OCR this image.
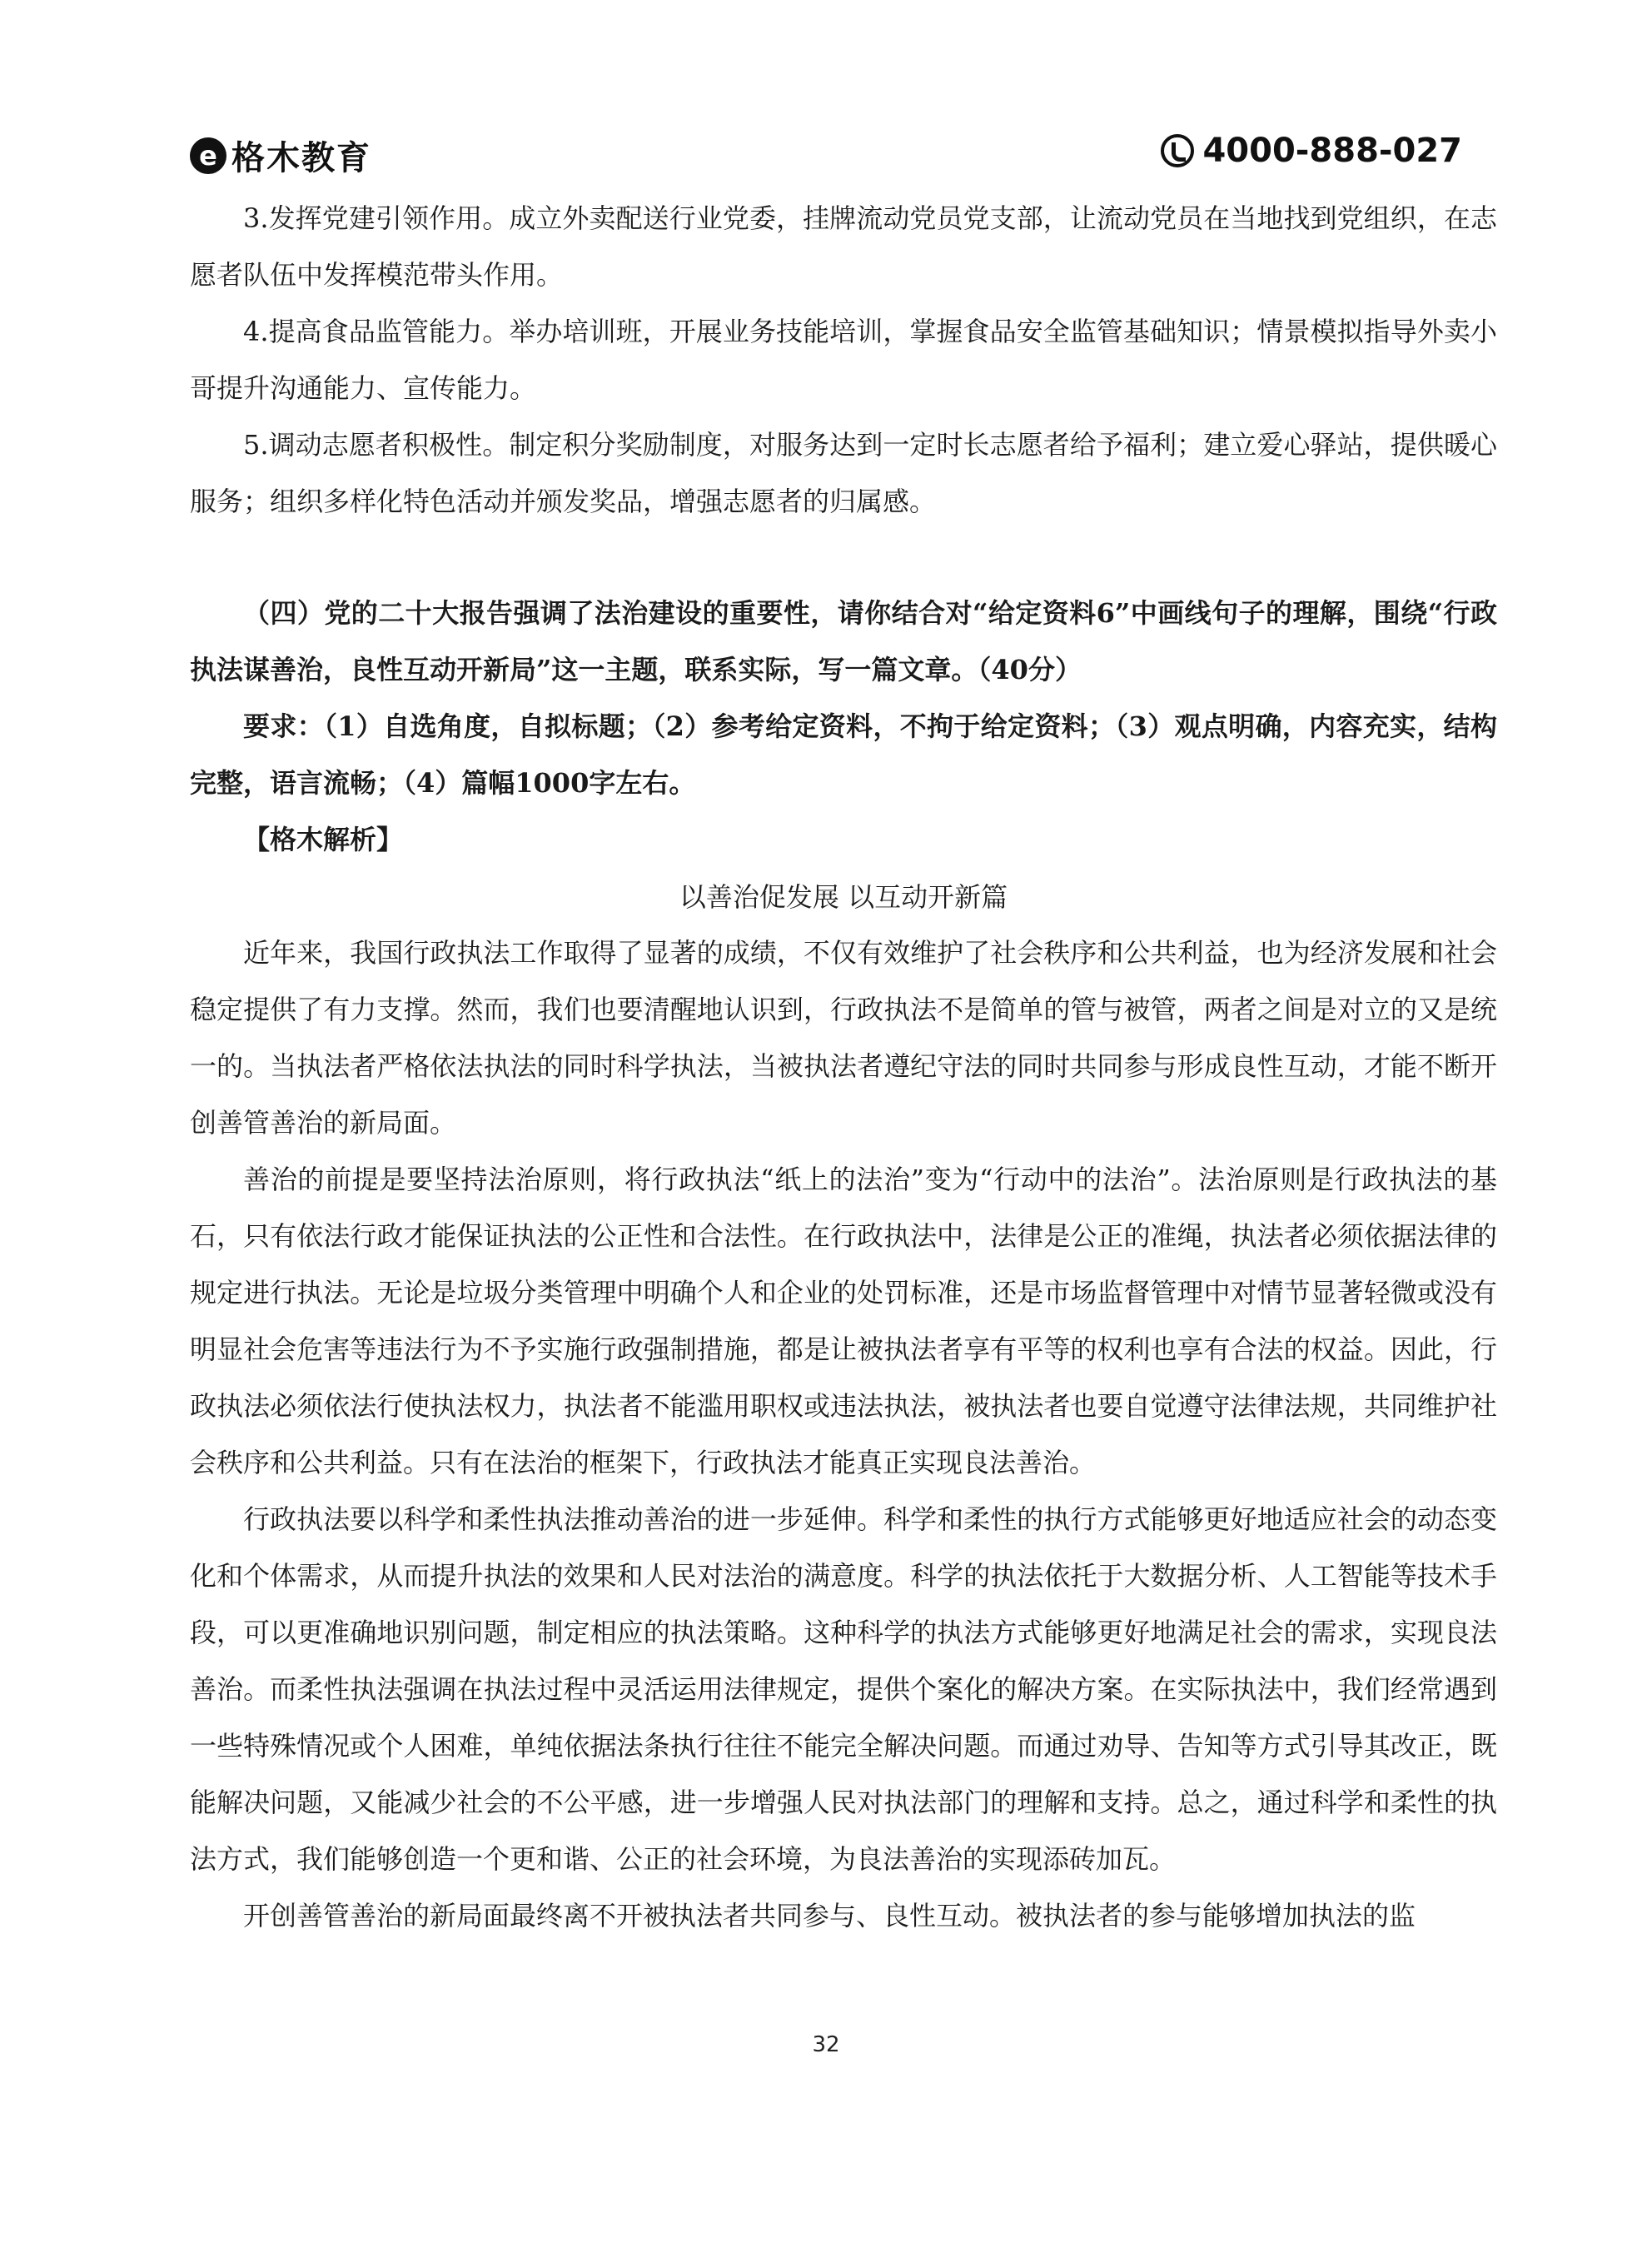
e 格木教育	4000-888-027

3.发挥党建引领作用。成立外卖配送行业党委，挂牌流动党员党支部，让流动党员在当地找到党组织，在志愿者队伍中发挥模范带头作用。

4.提高食品监管能力。举办培训班，开展业务技能培训，掌握食品安全监管基础知识；情景模拟指导外卖小哥提升沟通能力、宣传能力。

5.调动志愿者积极性。制定积分奖励制度，对服务达到一定时长志愿者给予福利；建立爱心驿站，提供暖心服务；组织多样化特色活动并颁发奖品，增强志愿者的归属感。

（四）党的二十大报告强调了法治建设的重要性，请你结合对“给定资料6”中画线句子的理解，围绕“行政执法谋善治，良性互动开新局”这一主题，联系实际，写一篇文章。（40分）

要求：（1）自选角度，自拟标题；（2）参考给定资料，不拘于给定资料；（3）观点明确，内容充实，结构完整，语言流畅；（4）篇幅1000字左右。

【格木解析】

以善治促发展 以互动开新篇

近年来，我国行政执法工作取得了显著的成绩，不仅有效维护了社会秩序和公共利益，也为经济发展和社会稳定提供了有力支撑。然而，我们也要清醒地认识到，行政执法不是简单的管与被管，两者之间是对立的又是统一的。当执法者严格依法执法的同时科学执法，当被执法者遵纪守法的同时共同参与形成良性互动，才能不断开创善管善治的新局面。

善治的前提是要坚持法治原则，将行政执法“纸上的法治”变为“行动中的法治”。法治原则是行政执法的基石，只有依法行政才能保证执法的公正性和合法性。在行政执法中，法律是公正的准绳，执法者必须依据法律的规定进行执法。无论是垃圾分类管理中明确个人和企业的处罚标准，还是市场监督管理中对情节显著轻微或没有明显社会危害等违法行为不予实施行政强制措施，都是让被执法者享有平等的权利也享有合法的权益。因此，行政执法必须依法行使执法权力，执法者不能滥用职权或违法执法，被执法者也要自觉遵守法律法规，共同维护社会秩序和公共利益。只有在法治的框架下，行政执法才能真正实现良法善治。

行政执法要以科学和柔性执法推动善治的进一步延伸。科学和柔性的执行方式能够更好地适应社会的动态变化和个体需求，从而提升执法的效果和人民对法治的满意度。科学的执法依托于大数据分析、人工智能等技术手段，可以更准确地识别问题，制定相应的执法策略。这种科学的执法方式能够更好地满足社会的需求，实现良法善治。而柔性执法强调在执法过程中灵活运用法律规定，提供个案化的解决方案。在实际执法中，我们经常遇到一些特殊情况或个人困难，单纯依据法条执行往往不能完全解决问题。而通过劝导、告知等方式引导其改正，既能解决问题，又能减少社会的不公平感，进一步增强人民对执法部门的理解和支持。总之，通过科学和柔性的执法方式，我们能够创造一个更和谐、公正的社会环境，为良法善治的实现添砖加瓦。

开创善管善治的新局面最终离不开被执法者共同参与、良性互动。被执法者的参与能够增加执法的监

32
